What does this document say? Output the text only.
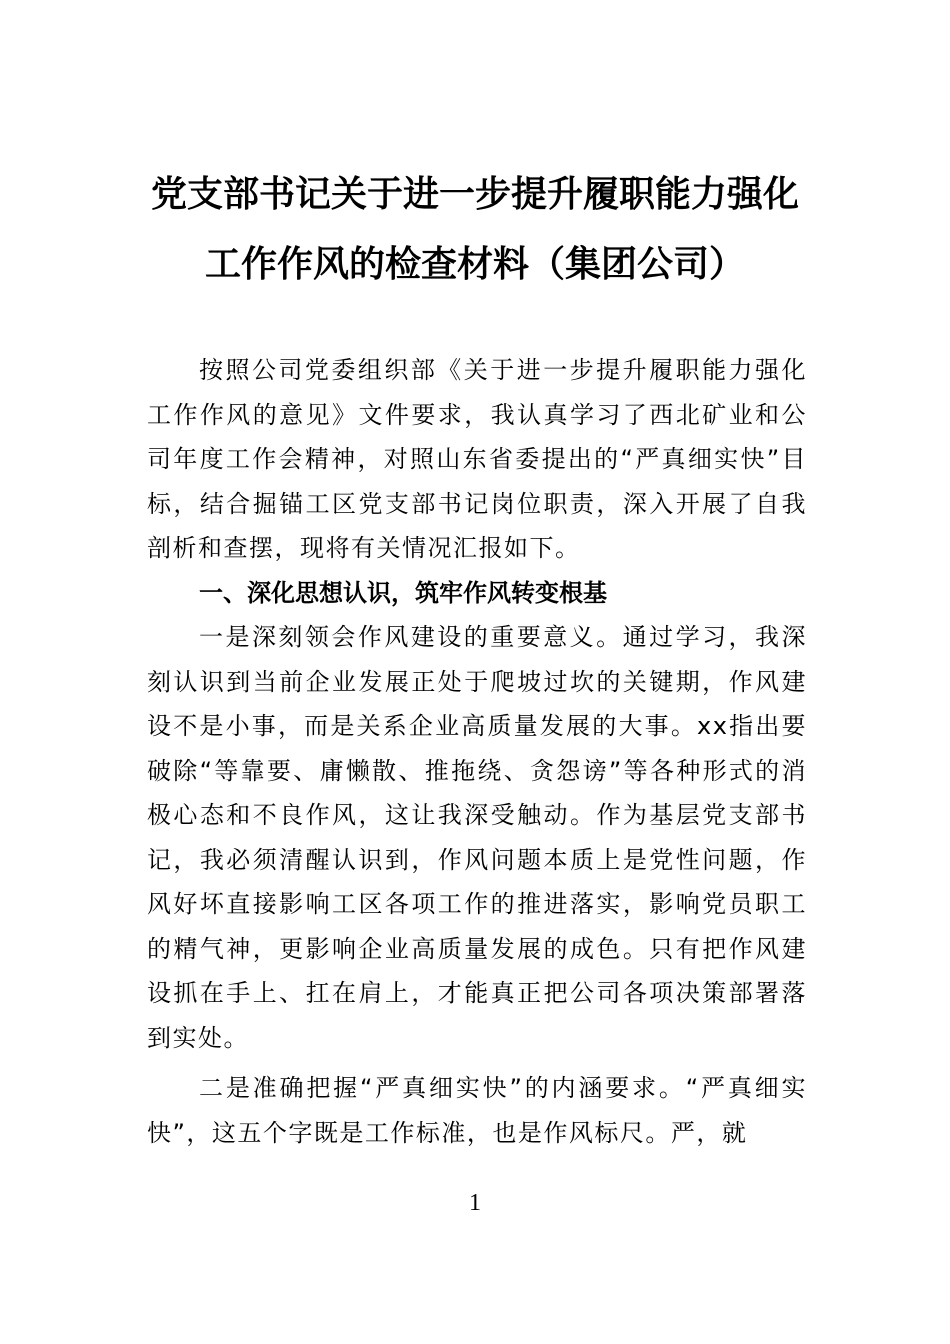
党支部书记关于进一步提升履职能力强化
工作作风的检查材料（集团公司）

按照公司党委组织部《关于进一步提升履职能力强化工作作风的意见》文件要求，我认真学习了西北矿业和公司年度工作会精神，对照山东省委提出的“严真细实快”目标，结合掘锚工区党支部书记岗位职责，深入开展了自我剖析和查摆，现将有关情况汇报如下。

一、深化思想认识，筑牢作风转变根基

一是深刻领会作风建设的重要意义。通过学习，我深刻认识到当前企业发展正处于爬坡过坎的关键期，作风建设不是小事，而是关系企业高质量发展的大事。xx指出要破除“等靠要、庸懒散、推拖绕、贪怨谤”等各种形式的消极心态和不良作风，这让我深受触动。作为基层党支部书记，我必须清醒认识到，作风问题本质上是党性问题，作风好坏直接影响工区各项工作的推进落实，影响党员职工的精气神，更影响企业高质量发展的成色。只有把作风建设抓在手上、扛在肩上，才能真正把公司各项决策部署落到实处。

二是准确把握“严真细实快”的内涵要求。“严真细实快”，这五个字既是工作标准，也是作风标尺。严，就

1
